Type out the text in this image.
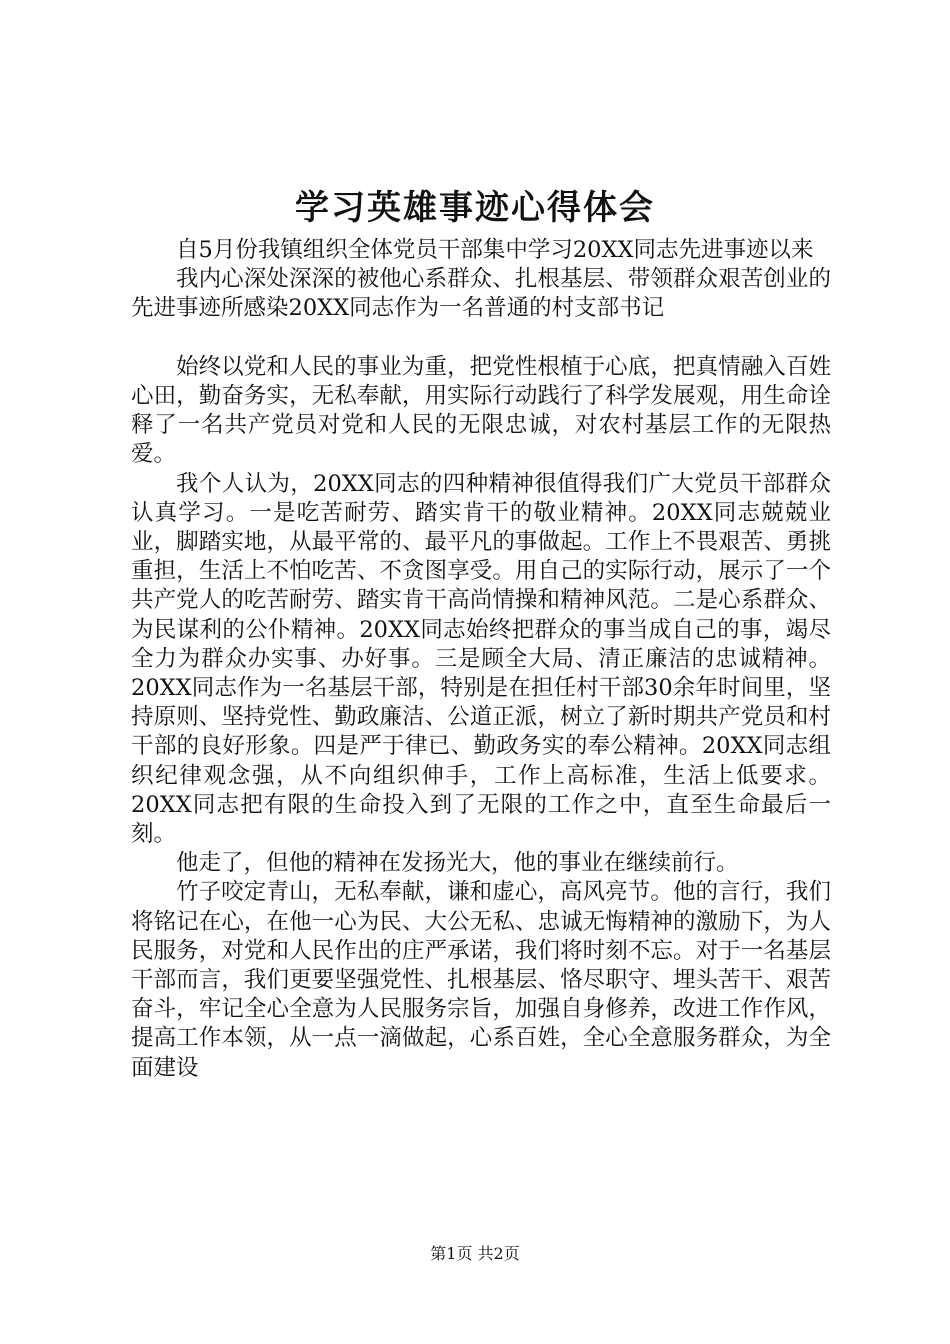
学习英雄事迹心得体会

自5月份我镇组织全体党员干部集中学习20XX同志先进事迹以来

我内心深处深深的被他心系群众、扎根基层、带领群众艰苦创业的先进事迹所感染20XX同志作为一名普通的村支部书记

始终以党和人民的事业为重，把党性根植于心底，把真情融入百姓心田，勤奋务实，无私奉献，用实际行动践行了科学发展观，用生命诠释了一名共产党员对党和人民的无限忠诚，对农村基层工作的无限热爱。

我个人认为，20XX同志的四种精神很值得我们广大党员干部群众认真学习。一是吃苦耐劳、踏实肯干的敬业精神。20XX同志兢兢业业，脚踏实地，从最平常的、最平凡的事做起。工作上不畏艰苦、勇挑重担，生活上不怕吃苦、不贪图享受。用自己的实际行动，展示了一个共产党人的吃苦耐劳、踏实肯干高尚情操和精神风范。二是心系群众、为民谋利的公仆精神。20XX同志始终把群众的事当成自己的事，竭尽全力为群众办实事、办好事。三是顾全大局、清正廉洁的忠诚精神。20XX同志作为一名基层干部，特别是在担任村干部30余年时间里，坚持原则、坚持党性、勤政廉洁、公道正派，树立了新时期共产党员和村干部的良好形象。四是严于律已、勤政务实的奉公精神。20XX同志组织纪律观念强，从不向组织伸手，工作上高标准，生活上低要求。20XX同志把有限的生命投入到了无限的工作之中，直至生命最后一刻。

他走了，但他的精神在发扬光大，他的事业在继续前行。

竹子咬定青山，无私奉献，谦和虚心，高风亮节。他的言行，我们将铭记在心，在他一心为民、大公无私、忠诚无悔精神的激励下，为人民服务，对党和人民作出的庄严承诺，我们将时刻不忘。对于一名基层干部而言，我们更要坚强党性、扎根基层、恪尽职守、埋头苦干、艰苦奋斗，牢记全心全意为人民服务宗旨，加强自身修养，改进工作作风，提高工作本领，从一点一滴做起，心系百姓，全心全意服务群众，为全面建设

第1页 共2页
